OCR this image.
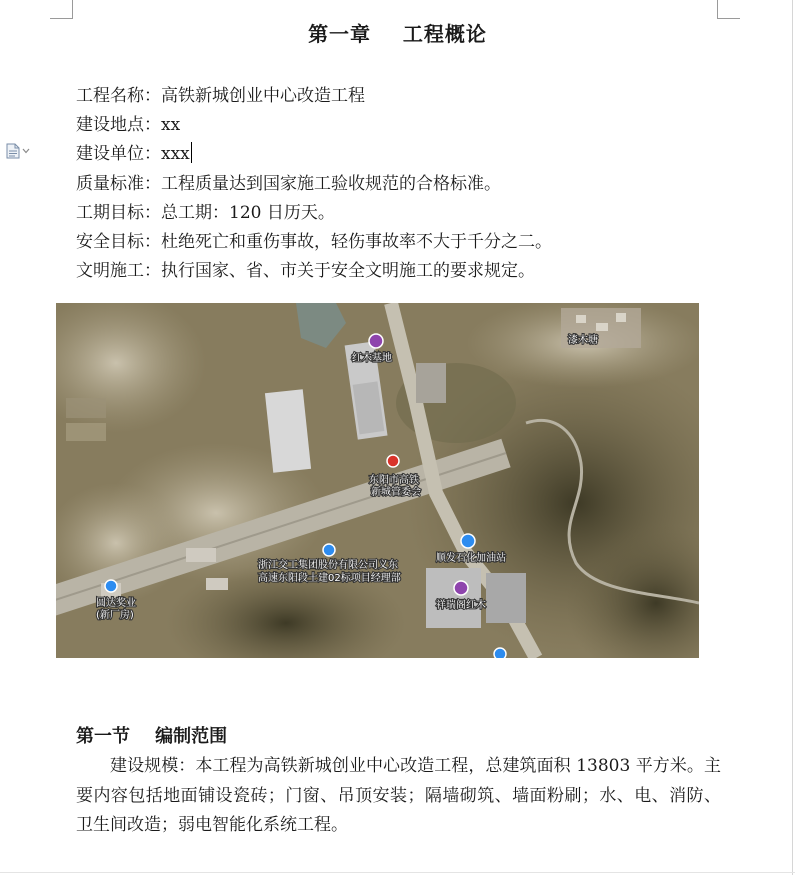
第一章    工程概论
工程名称：高铁新城创业中心改造工程
建设地点：xx
建设单位：xxx
质量标准：工程质量达到国家施工验收规范的合格标准。
工期目标：总工期：120 日历天。
安全目标：杜绝死亡和重伤事故，轻伤事故率不大于千分之二。
文明施工：执行国家、省、市关于安全文明施工的要求规定。
红木基地
东阳市高铁
新城管委会
顺发石化加油站
浙江交工集团股份有限公司义东
高速东阳段土建02标项目经理部
祥瑞阁红木
圆达奖业
(新厂房)
漆木塘
第一节    编制范围
建设规模：本工程为高铁新城创业中心改造工程，总建筑面积 13803 平方米。主要内容包括地面铺设瓷砖；门窗、吊顶安装；隔墙砌筑、墙面粉刷；水、电、消防、卫生间改造；弱电智能化系统工程。
